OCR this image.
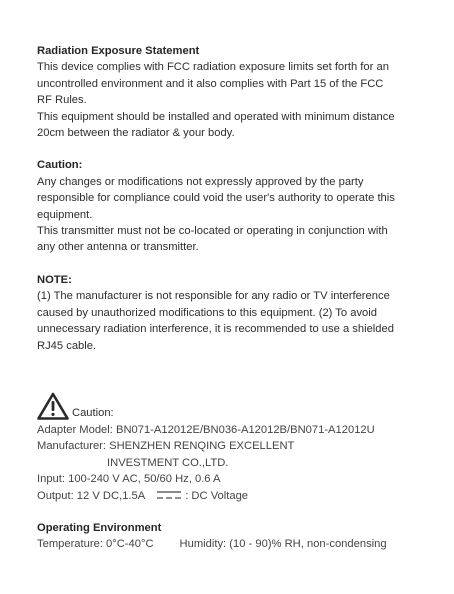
Radiation Exposure Statement
This device complies with FCC radiation exposure limits set forth for an
uncontrolled environment and it also complies with Part 15 of the FCC
RF Rules.
This equipment should be installed and operated with minimum distance
20cm between the radiator & your body.
Caution:
Any changes or modifications not expressly approved by the party
responsible for compliance could void the user's authority to operate this
equipment.
This transmitter must not be co-located or operating in conjunction with
any other antenna or transmitter.
NOTE:
(1) The manufacturer is not responsible for any radio or TV interference
caused by unauthorized modifications to this equipment. (2) To avoid
unnecessary radiation interference, it is recommended to use a shielded
RJ45 cable.
Caution:
Adapter Model: BN071-A12012E/BN036-A12012B/BN071-A12012U
Manufacturer: SHENZHEN RENQING EXCELLENT
INVESTMENT CO.,LTD.
Input: 100-240 V AC, 50/60 Hz, 0.6 A
Output: 12 V DC,1.5A	: DC Voltage
Operating Environment
Temperature: 0°C-40°C Humidity: (10 - 90)% RH, non-condensing
